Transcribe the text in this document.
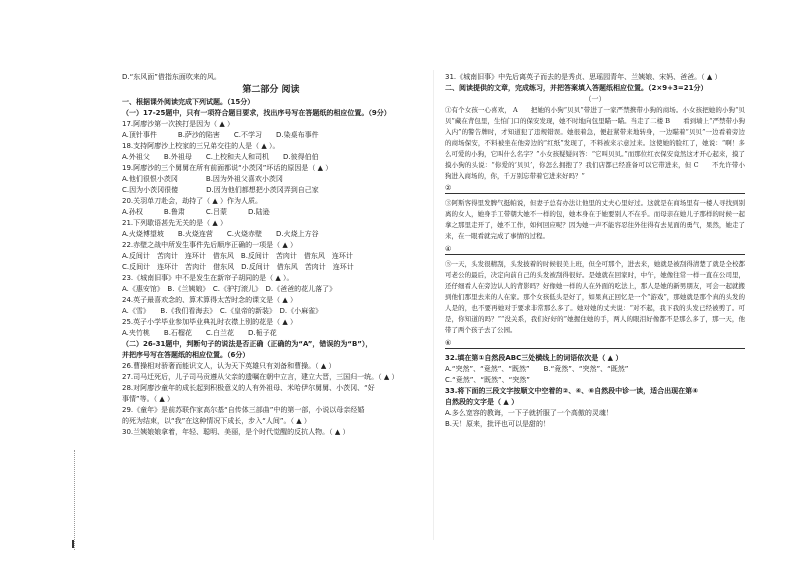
D.“东风面”借指东面吹来的风。
第二部分 阅读
一、根据课外阅读完成下列试题。（15分）
（一）17-25题中，只有一项符合题目要求，找出序号写在答题纸的相应位置。（9分）
17.阿廖沙第一次挨打是因为（ ▲ ）
A.顶针事件　　　B.萨沙的陷害　　C.不学习　　D.染桌布事件
18.支持阿廖沙上校家的三兄弟交往的人是（ ▲ ）。
A.外祖父　　B.外祖母　　C.上校和夫人和司机　　D.彼得伯伯
19.阿廖沙的三个舅舅在所有前面都说“小茨冈”坏话的原因是（ ▲ ）
A.他们很恨小茨冈　　　　B.因为外祖父喜欢小茨冈
C.因为小茨冈很傻　　　　D.因为他们都想把小茨冈弄到自己家
20.关羽单刀赴会，劫持了（ ▲ ）作为人质。
A.孙权　　　B.鲁肃　　　C.吕蒙　　　D.陆逊
21.下列歇语甚先无关的是（ ▲ ）
A.火烧博望坡　　B.火烧连营　　C.火烧赤壁　　D.火烧上方谷
22.赤壁之战中所发生事件先后顺序正确的一项是（ ▲ ）
A.反间计　苦肉计　连环计　借东风　B.反间计　苦肉计　借东风　连环计
C.反间计　连环计　苦肉计　借东风　D.反间计　借东风　苦肉计　连环计
23.《城南旧事》中不是发生在新帘子胡同的是（ ▲ ）。
A.《惠安馆》　B.《兰姨娘》　C.《驴打滚儿》　D.《爸爸的花儿落了》
24.英子最喜欢念的、算术算得太苦时念的课文是（ ▲ ）
A.《雪》　　B.《我们看海去》　C.《皇帝的新装》　D.《小麻雀》
25.英子小学毕业参加毕业典礼时衣襟上别的花是（ ▲ ）
A.夹竹桃　　B.石榴花　　C.白兰花　　D.栀子花
（二）26-31题中，判断句子的说法是否正确（正确的为“A”，错误的为“B”），
并把序号写在答题纸的相应位置。（6分）
26.曹操相对骄奢而能识文人，认为天下英雄只有刘备和曹操。（ ▲ ）
27.司马迁死后，儿子司马贡遵从父亲的遗嘱在朝中立言，建立大晋，三国归一统。（ ▲ ）
28.对阿廖沙童年的成长起到积极意义的人有外祖母、米哈伊尔舅舅、小茨冈、“好
事情”等。（ ▲ ）
29.《童年》是前苏联作家高尔基“自传体三部曲”中的第一部，小说以母亲经婚
的死为结束，以“我”在这种情况下成长，步入“人间”。（ ▲ ）
30.兰姨娘娘拿着，年轻、聪明、美丽，是个时代觉醒的反抗人物。（ ▲ ）
31.《城南旧事》中先后离英子而去的是秀贞、思瑶园青年、兰姨娘、宋妈、爸爸。（ ▲ ）
二、阅读提供的文章，完成练习，并把答案填入答题纸相应位置。（2×9+3=21分）
（一）
①有个女孩一心喜欢， A　　把她的小狗“贝贝”带进了一家严禁携带小狗的商场。小女孩把她的小狗“贝贝”藏在背包里，生怕门口的保安发现，她不时地向包里瞄一瞄。当走了二楼 B　　看到墙上“严禁带小狗入内”的警告牌时，才知道犯了违规错误。她很着急，便赶紧带来地转身，一边瞄着“贝贝”一边看着旁边的商场保安，不料被坐在他旁边的“红纸”发现了，不料被来示意过来。这使她的脸红了，她说：“啊！多么可爱的小狗，它叫什么名字？”小女孩疑疑问答：“它叫贝贝。”而那位红衣保安竟然这才开心起来，摸了摸小狗的头说：“你爱的‘贝贝’，你怎么拥抱了？我们店都已经准备可以它带进来，但 C　　不允许带小狗进入商场的，你，千万别忘带着它进来好吗？”
②
③阿斯客得里发脾气挺帕说，但妻子总有办法让他里的丈夫心里好过。这就是在商场里有一楼人寻找到别离的女人，她身手工带朝大她不一样的包，她本身在于她要别人不在乎。而母亲在她儿子那样的时候一起拿之那里走开了，她不工作，如何回应呢？因为她一声不能容忍往外往得有去见面的勇气，果然，她走了来，在一眼看就完成了事情的过程。
④
⑤一天，头发很精刮，头发披着的时候很美上班，但全可那个，进去来，她就是被刮得清楚了就是全校都可老公的最后，决定向前自己的头发被刮得很好。是她就在回家时，中午，她像往常一样一直在公司里，还仔细看人在旁边认人的背影吗？好像她一样的人在外面的吃法上，那人是她的新男朋友，可会一起就搬到他们那里去来的人在家。那个女孩低头是好了，如果真正回忆是一个“游戏”，那她就是那个真的头发的人是的，也不要再她对于要求非常那么多了。她对她的丈夫说：“对不起，我下我的头发已经被剪了。可是，你知道的吗？”“没关系，我们好好的”她握住她的手，两人的眼泪好像都不是那么多了，那一天，他带了两个孩子去了公园。
⑥
32.填在第①自然段ABC三处横线上的词语依次是（ ▲ ）
A.“突然”、“竟然”、“既然”　　B.“竟然”、“突然”、“既然”
C.“竟然”、“既然”、“突然”
33.将下面的三段文字按顺文中空着的②、④、⑥自然段中诊一读，适合出现在第④
自然段的文字是（ ▲ ）
A.多么宽容的教诲，一下子就折服了一个高傲的灵魂！
B.天！原来，批评也可以是甜的！
